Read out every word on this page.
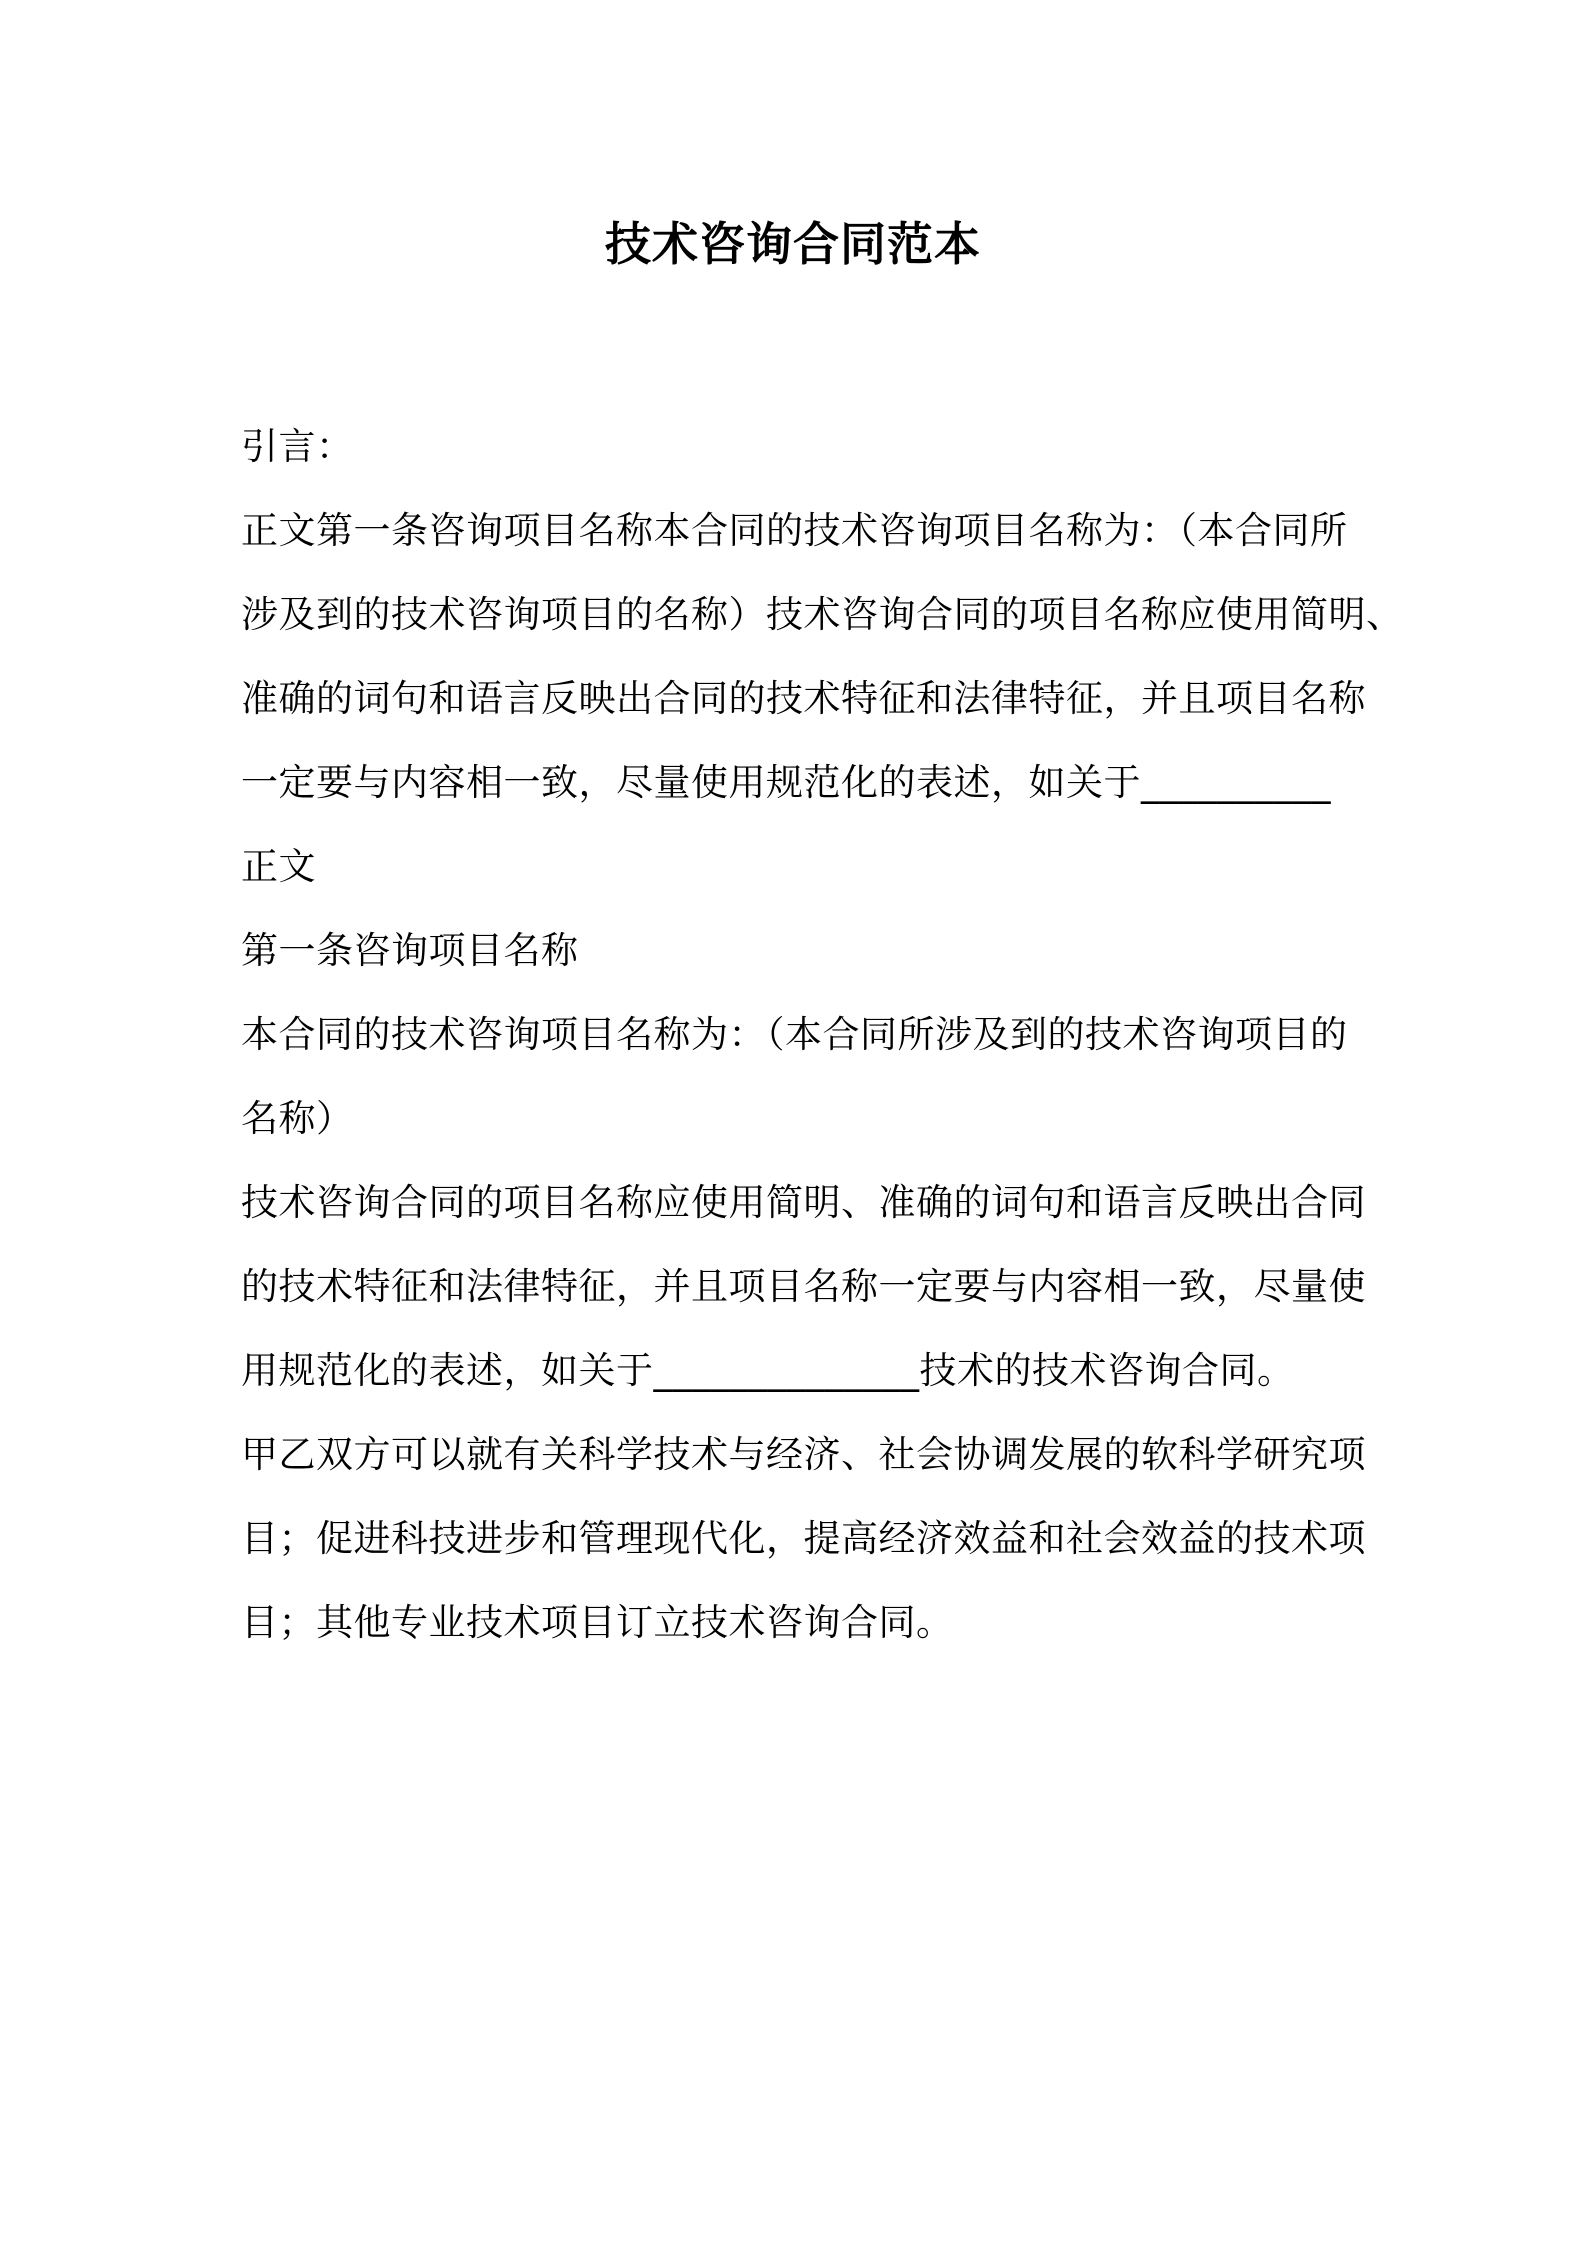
技术咨询合同范本
引言：
正文第一条咨询项目名称本合同的技术咨询项目名称为：（本合同所
涉及到的技术咨询项目的名称）技术咨询合同的项目名称应使用简明、
准确的词句和语言反映出合同的技术特征和法律特征，并且项目名称
一定要与内容相一致，尽量使用规范化的表述，如关于__________
正文
第一条咨询项目名称
本合同的技术咨询项目名称为：（本合同所涉及到的技术咨询项目的
名称）
技术咨询合同的项目名称应使用简明、准确的词句和语言反映出合同
的技术特征和法律特征，并且项目名称一定要与内容相一致，尽量使
用规范化的表述，如关于______________技术的技术咨询合同。
甲乙双方可以就有关科学技术与经济、社会协调发展的软科学研究项
目；促进科技进步和管理现代化，提高经济效益和社会效益的技术项
目；其他专业技术项目订立技术咨询合同。
